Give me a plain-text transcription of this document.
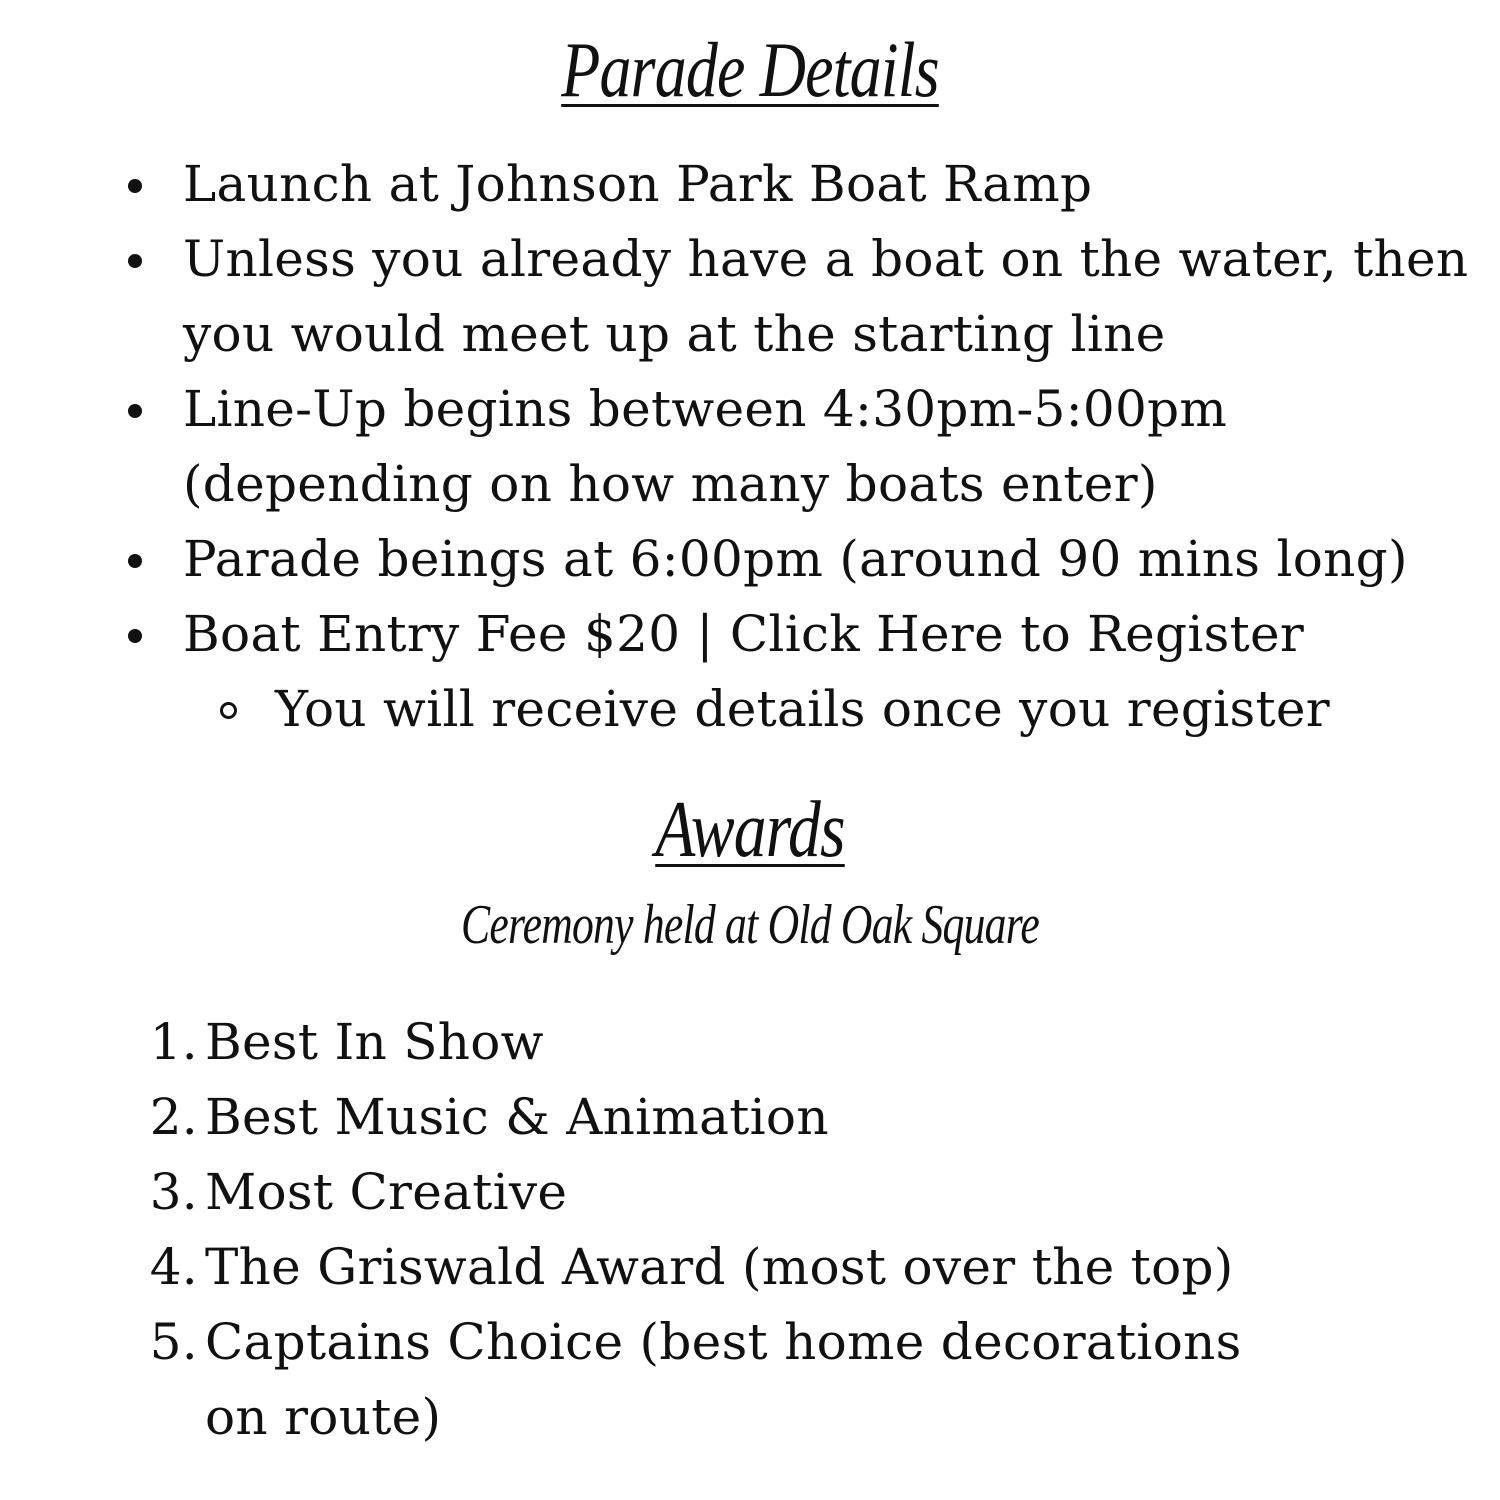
Parade Details
Launch at Johnson Park Boat Ramp
Unless you already have a boat on the water, then you would meet up at the starting line
Line-Up begins between 4:30pm-5:00pm (depending on how many boats enter)
Parade beings at 6:00pm (around 90 mins long)
Boat Entry Fee $20 | Click Here to Register
You will receive details once you register
Awards
Ceremony held at Old Oak Square
1. Best In Show
2. Best Music & Animation
3. Most Creative
4. The Griswald Award (most over the top)
5. Captains Choice (best home decorations on route)
